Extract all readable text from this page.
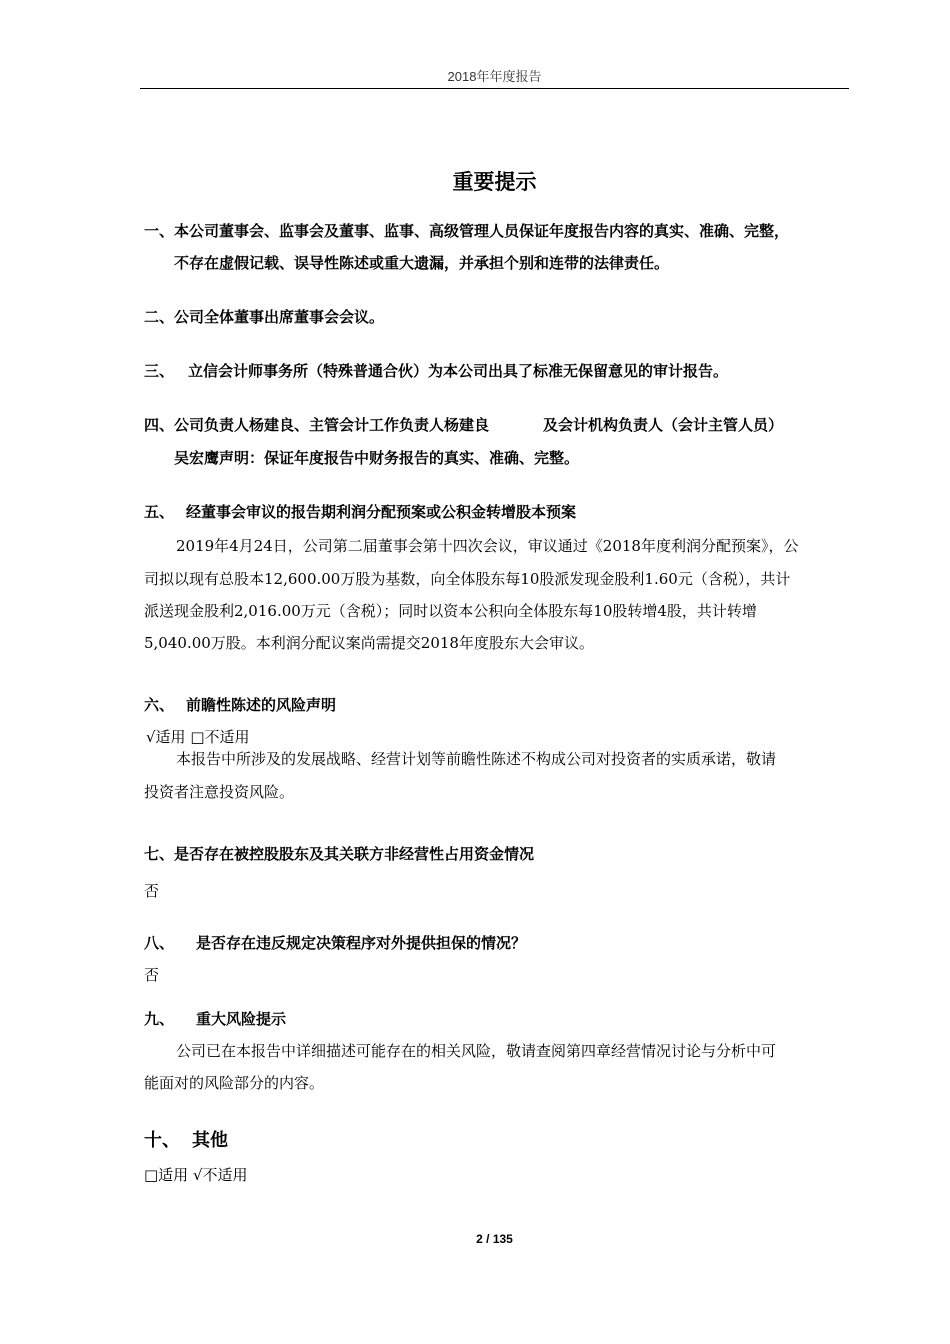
2018年年度报告
重要提示
一、本公司董事会、监事会及董事、监事、高级管理人员保证年度报告内容的真实、准确、完整，
不存在虚假记载、误导性陈述或重大遗漏，并承担个别和连带的法律责任。
二、公司全体董事出席董事会会议。
三、 立信会计师事务所（特殊普通合伙）为本公司出具了标准无保留意见的审计报告。
四、公司负责人杨建良、主管会计工作负责人杨建良	及会计机构负责人（会计主管人员）
吴宏鹰声明：保证年度报告中财务报告的真实、准确、完整。
五、 经董事会审议的报告期利润分配预案或公积金转增股本预案
2019年4月24日，公司第二届董事会第十四次会议，审议通过《2018年度利润分配预案》，公
司拟以现有总股本12,600.00万股为基数，向全体股东每10股派发现金股利1.60元（含税），共计
派送现金股利2,016.00万元（含税）；同时以资本公积向全体股东每10股转增4股，共计转增
5,040.00万股。本利润分配议案尚需提交2018年度股东大会审议。
六、 前瞻性陈述的风险声明
√适用 □不适用
本报告中所涉及的发展战略、经营计划等前瞻性陈述不构成公司对投资者的实质承诺，敬请
投资者注意投资风险。
七、是否存在被控股股东及其关联方非经营性占用资金情况
否
八、 是否存在违反规定决策程序对外提供担保的情况？
否
九、 重大风险提示
公司已在本报告中详细描述可能存在的相关风险，敬请查阅第四章经营情况讨论与分析中可
能面对的风险部分的内容。
十、 其他
□适用 √不适用
2 / 135
